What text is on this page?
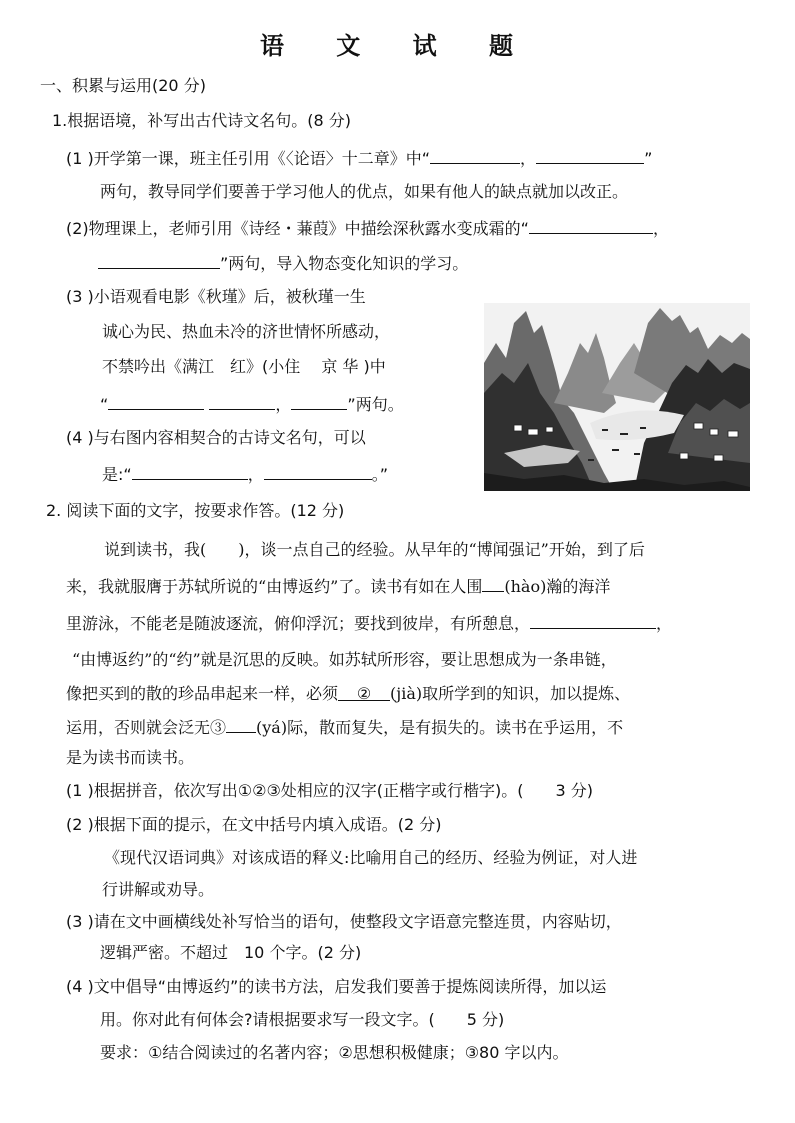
语 文 试 题
一、积累与运用(20 分)
1.根据语境，补写出古代诗文名句。(8 分)
(1 )开学第一课，班主任引用《〈论语〉十二章》中“	，	”
两句，教导同学们要善于学习他人的优点，如果有他人的缺点就加以改正。
(2)物理课上，老师引用《诗经・蒹葭》中描绘深秋露水变成霜的“	，
”两句，导入物态变化知识的学习。
(3 )小语观看电影《秋瑾》后，被秋瑾一生
诚心为民、热血未冷的济世情怀所感动，
不禁吟出《满江　红》(小住　 京 华 )中
“	，	”两句。
(4 )与右图内容相契合的古诗文名句，可以
是:“	，	。”
2. 阅读下面的文字，按要求作答。(12 分)
说到读书，我(　　)，谈一点自己的经验。从早年的“博闻强记”开始，到了后
来，我就服膺于苏轼所说的“由博返约”了。读书有如在人围 (hào)瀚的海洋
里游泳，不能老是随波逐流，俯仰浮沉；要找到彼岸，有所憩息，	，
“由博返约”的“约”就是沉思的反映。如苏轼所形容，要让思想成为一条串链，
像把买到的散的珍品串起来一样，必须 ② (jià)取所学到的知识，加以提炼、
运用，否则就会泛无③ (yá)际，散而复失，是有损失的。读书在乎运用，不
是为读书而读书。
(1 )根据拼音，依次写出①②③处相应的汉字(正楷字或行楷字)。(　　3 分)
(2 )根据下面的提示，在文中括号内填入成语。(2 分)
《现代汉语词典》对该成语的释义:比喻用自己的经历、经验为例证，对人进
行讲解或劝导。
(3 )请在文中画横线处补写恰当的语句，使整段文字语意完整连贯，内容贴切，
逻辑严密。不超过　10 个字。(2 分)
(4 )文中倡导“由博返约”的读书方法，启发我们要善于提炼阅读所得，加以运
用。你对此有何体会?请根据要求写一段文字。(　　5 分)
要求：①结合阅读过的名著内容；②思想积极健康；③80 字以内。
